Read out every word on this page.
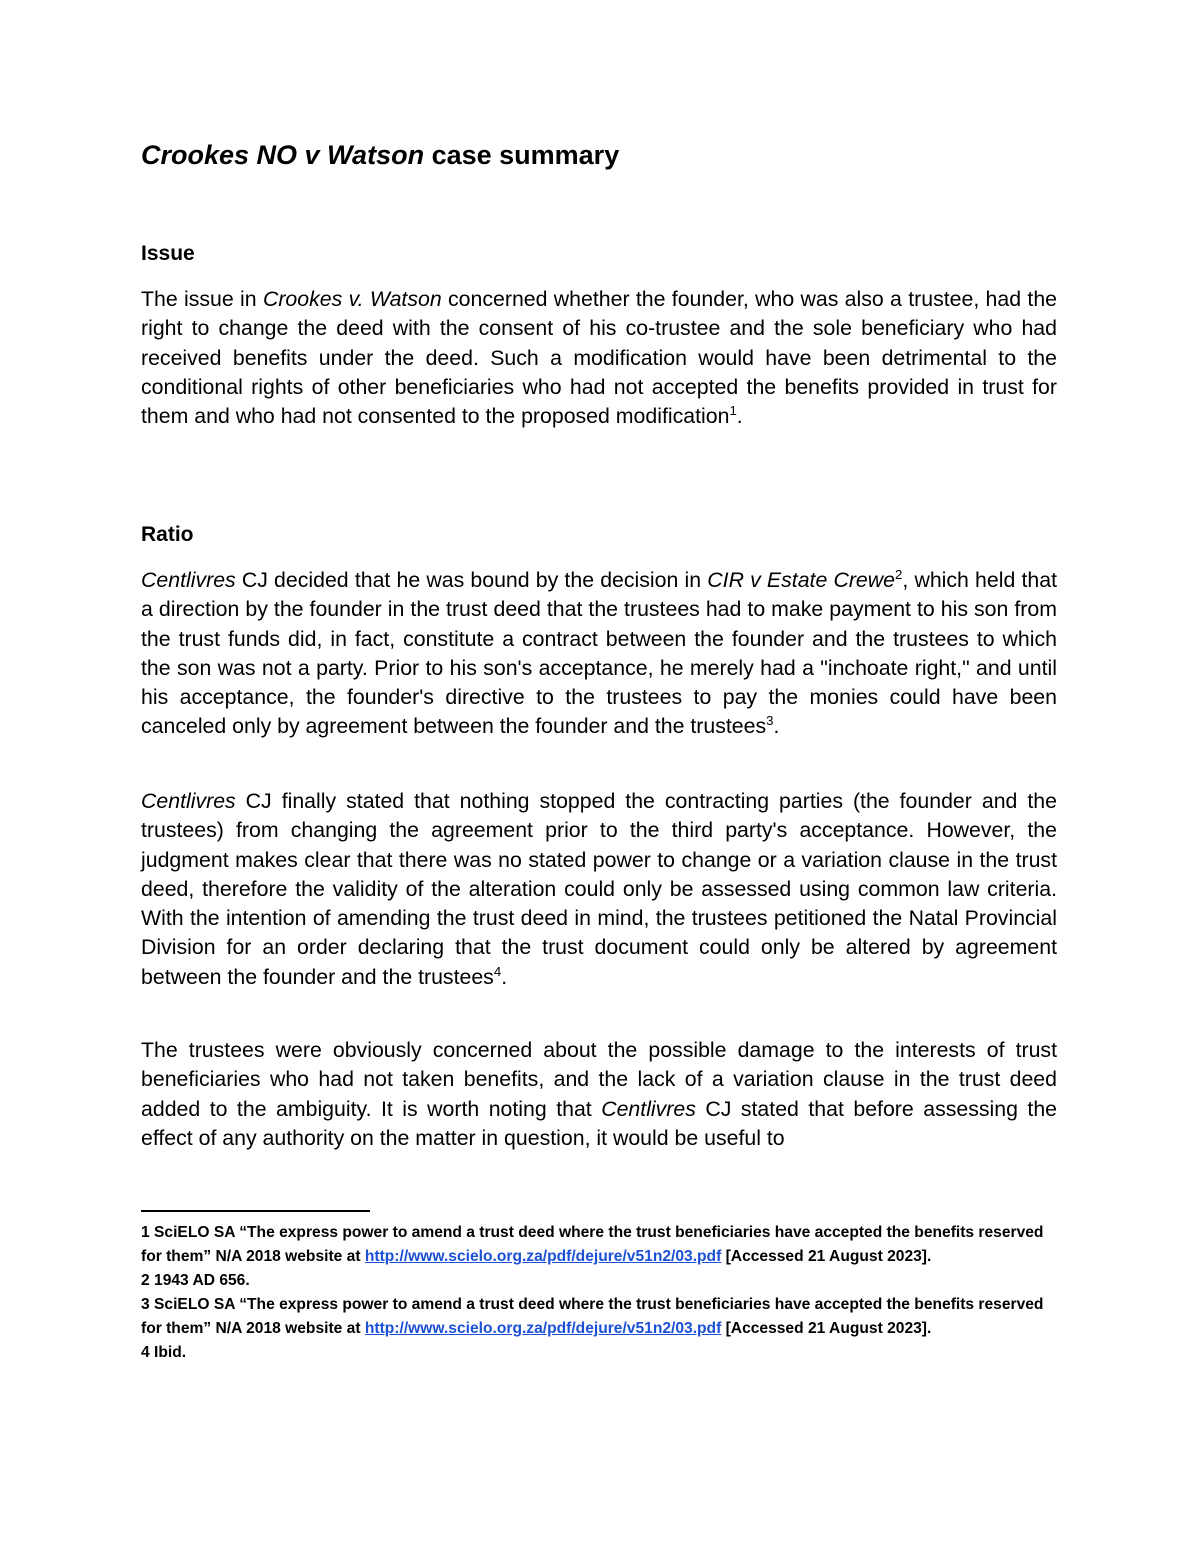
Crookes NO v Watson case summary
Issue

The issue in Crookes v. Watson concerned whether the founder, who was also a trustee, had the right to change the deed with the consent of his co-trustee and the sole beneficiary who had received benefits under the deed. Such a modification would have been detrimental to the conditional rights of other beneficiaries who had not accepted the benefits provided in trust for them and who had not consented to the proposed modification$^1$.

Ratio

Centlivres CJ decided that he was bound by the decision in CIR v Estate Crewe$^2$, which held that a direction by the founder in the trust deed that the trustees had to make payment to his son from the trust funds did, in fact, constitute a contract between the founder and the trustees to which the son was not a party. Prior to his son's acceptance, he merely had a "inchoate right," and until his acceptance, the founder's directive to the trustees to pay the monies could have been canceled only by agreement between the founder and the trustees$^3$.

Centlivres CJ finally stated that nothing stopped the contracting parties (the founder and the trustees) from changing the agreement prior to the third party's acceptance. However, the judgment makes clear that there was no stated power to change or a variation clause in the trust deed, therefore the validity of the alteration could only be assessed using common law criteria. With the intention of amending the trust deed in mind, the trustees petitioned the Natal Provincial Division for an order declaring that the trust document could only be altered by agreement between the founder and the trustees$^4$.

The trustees were obviously concerned about the possible damage to the interests of trust beneficiaries who had not taken benefits, and the lack of a variation clause in the trust deed added to the ambiguity. It is worth noting that Centlivres CJ stated that before assessing the effect of any authority on the matter in question, it would be useful to

1 SciELO SA “The express power to amend a trust deed where the trust beneficiaries have accepted the benefits reserved for them” N/A 2018 website at http://www.scielo.org.za/pdf/dejure/v51n2/03.pdf [Accessed 21 August 2023].

2 1943 AD 656.

3 SciELO SA “The express power to amend a trust deed where the trust beneficiaries have accepted the benefits reserved for them” N/A 2018 website at http://www.scielo.org.za/pdf/dejure/v51n2/03.pdf [Accessed 21 August 2023].

4 Ibid.
